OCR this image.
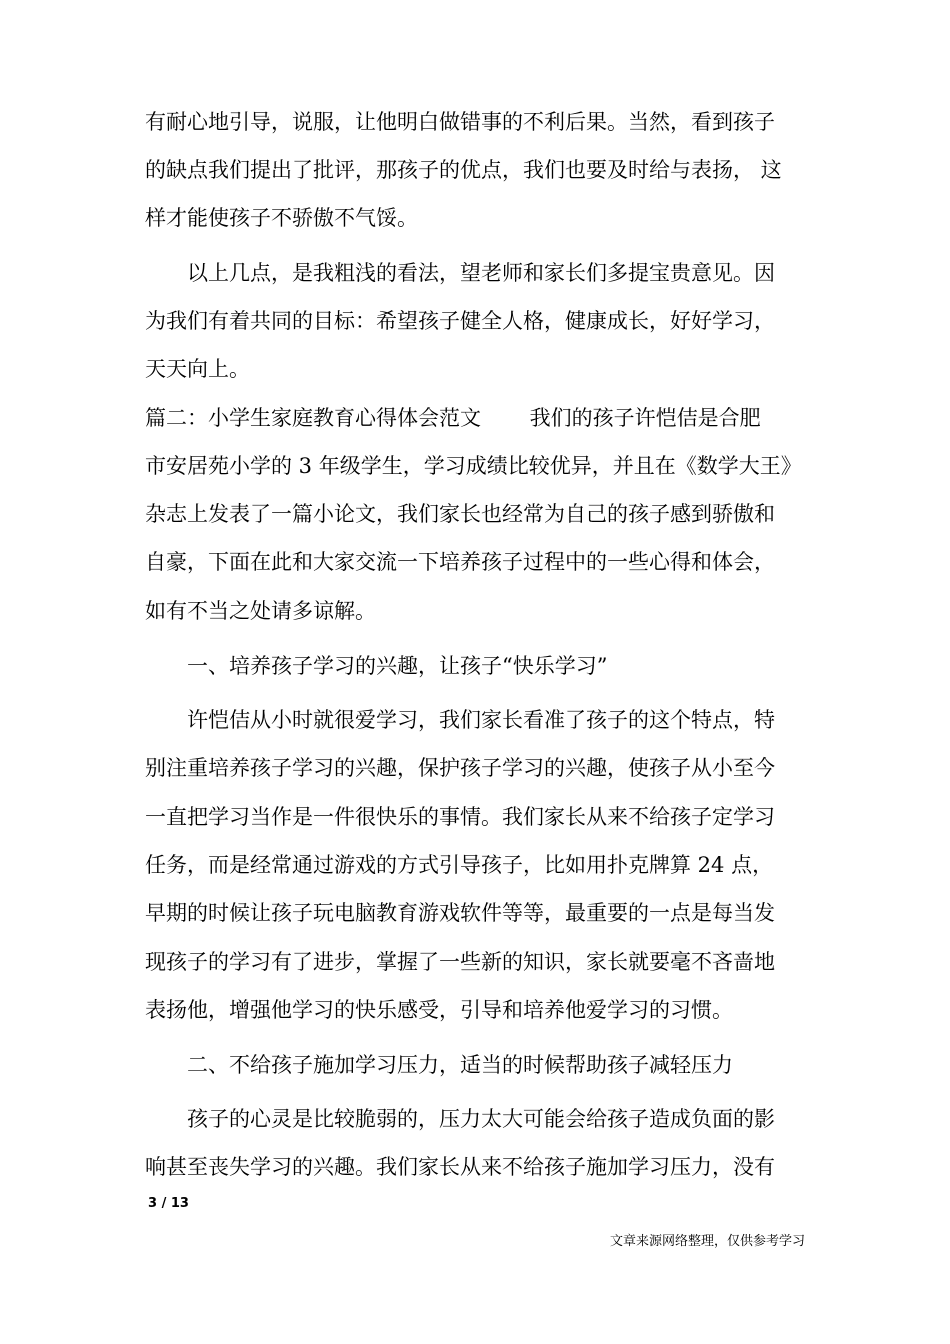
有耐心地引导，说服，让他明白做错事的不利后果。当然，看到孩子
的缺点我们提出了批评，那孩子的优点，我们也要及时给与表扬， 这
样才能使孩子不骄傲不气馁。
　　以上几点，是我粗浅的看法，望老师和家长们多提宝贵意见。因
为我们有着共同的目标：希望孩子健全人格，健康成长，好好学习，
天天向上。
篇二：小学生家庭教育心得体会范文　　 我们的孩子许恺佶是合肥
市安居苑小学的 3 年级学生，学习成绩比较优异，并且在《数学大王》
杂志上发表了一篇小论文，我们家长也经常为自己的孩子感到骄傲和
自豪，下面在此和大家交流一下培养孩子过程中的一些心得和体会，
如有不当之处请多谅解。
　　一、培养孩子学习的兴趣，让孩子“快乐学习”
　　许恺佶从小时就很爱学习，我们家长看准了孩子的这个特点，特
别注重培养孩子学习的兴趣，保护孩子学习的兴趣，使孩子从小至今
一直把学习当作是一件很快乐的事情。我们家长从来不给孩子定学习
任务，而是经常通过游戏的方式引导孩子，比如用扑克牌算 24 点，
早期的时候让孩子玩电脑教育游戏软件等等，最重要的一点是每当发
现孩子的学习有了进步，掌握了一些新的知识，家长就要毫不吝啬地
表扬他，增强他学习的快乐感受，引导和培养他爱学习的习惯。
　　二、不给孩子施加学习压力，适当的时候帮助孩子减轻压力
　　孩子的心灵是比较脆弱的，压力太大可能会给孩子造成负面的影
响甚至丧失学习的兴趣。我们家长从来不给孩子施加学习压力，没有
3 / 13
文章来源网络整理，仅供参考学习
